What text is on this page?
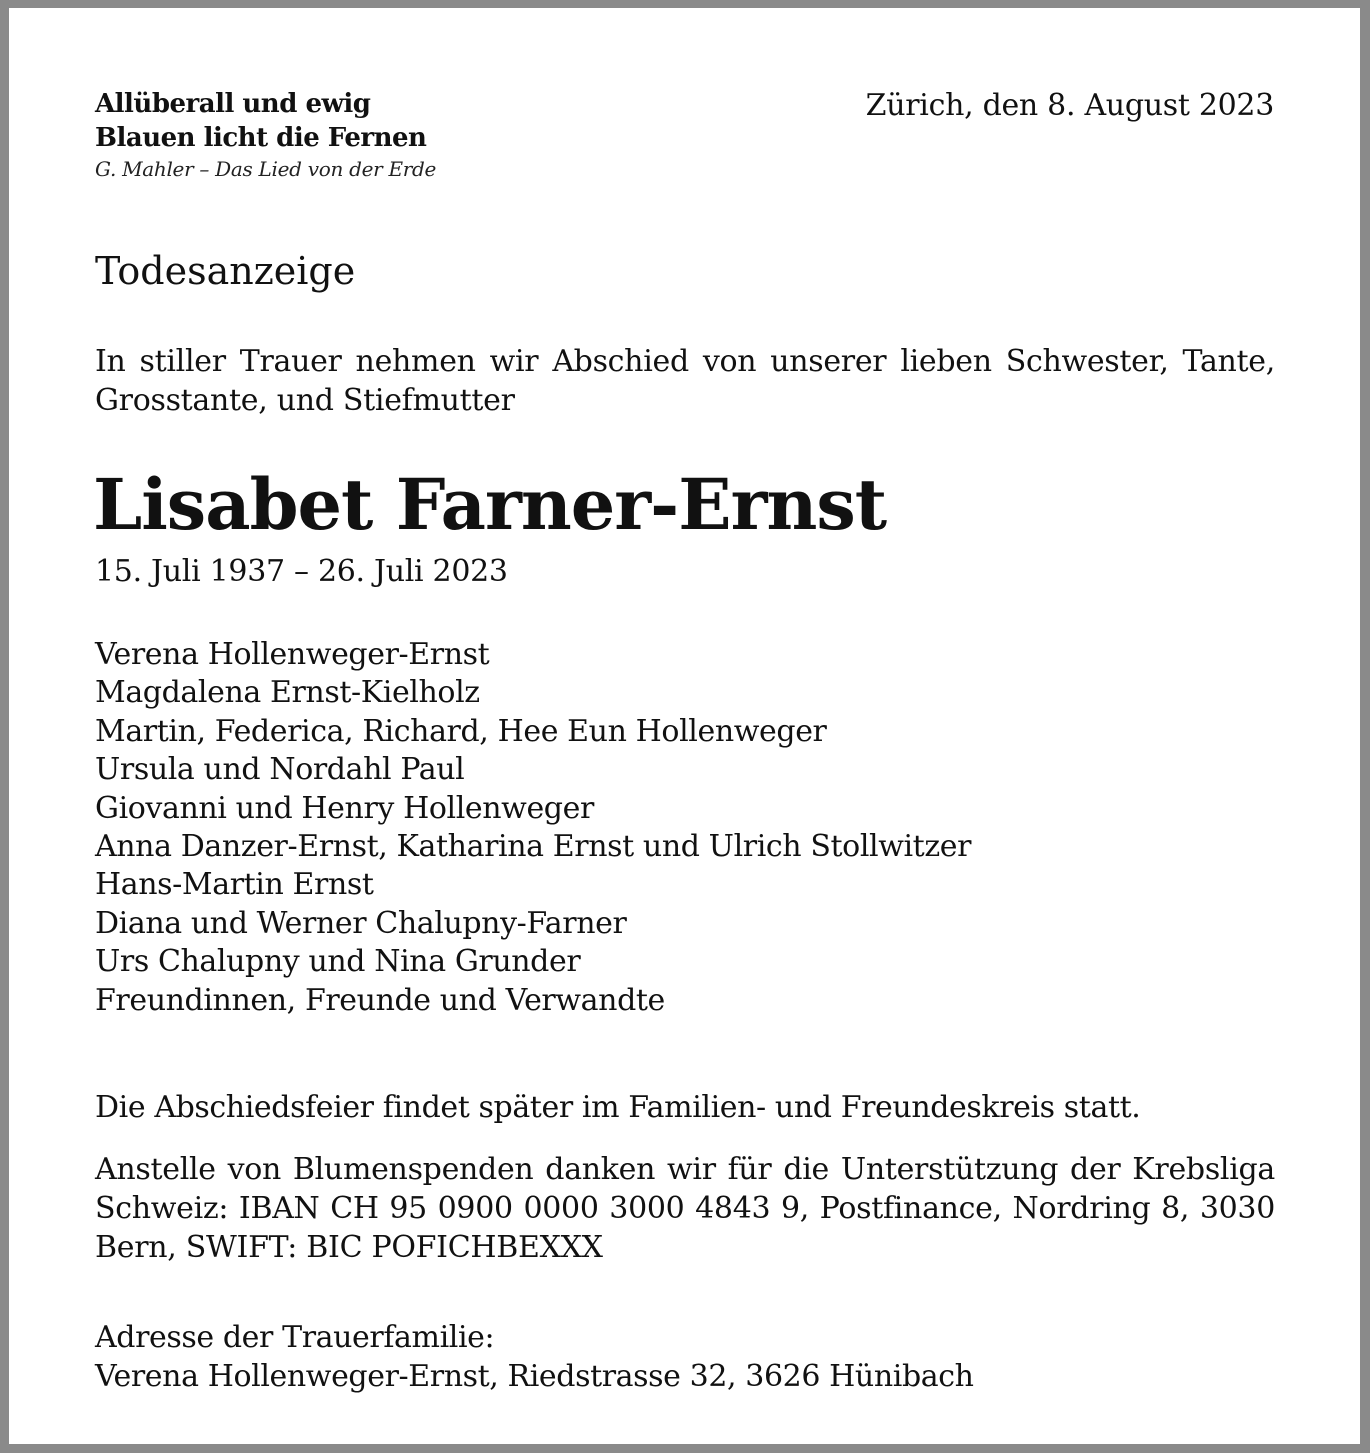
Allüberall und ewig
Blauen licht die Fernen
G. Mahler – Das Lied von der Erde
Zürich, den 8. August 2023
Todesanzeige
In stiller Trauer nehmen wir Abschied von unserer lieben Schwester, Tante, Grosstante, und Stiefmutter
Lisabet Farner-Ernst
15. Juli 1937 – 26. Juli 2023
Verena Hollenweger-Ernst
Magdalena Ernst-Kielholz
Martin, Federica, Richard, Hee Eun Hollenweger
Ursula und Nordahl Paul
Giovanni und Henry Hollenweger
Anna Danzer-Ernst, Katharina Ernst und Ulrich Stollwitzer
Hans-Martin Ernst
Diana und Werner Chalupny-Farner
Urs Chalupny und Nina Grunder
Freundinnen, Freunde und Verwandte
Die Abschiedsfeier findet später im Familien- und Freundeskreis statt.
Anstelle von Blumenspenden danken wir für die Unterstützung der Krebsliga Schweiz: IBAN CH 95 0900 0000 3000 4843 9, Postfinance, Nordring 8, 3030 Bern, SWIFT: BIC POFICHBEXXX
Adresse der Trauerfamilie:
Verena Hollenweger-Ernst, Riedstrasse 32, 3626 Hünibach
